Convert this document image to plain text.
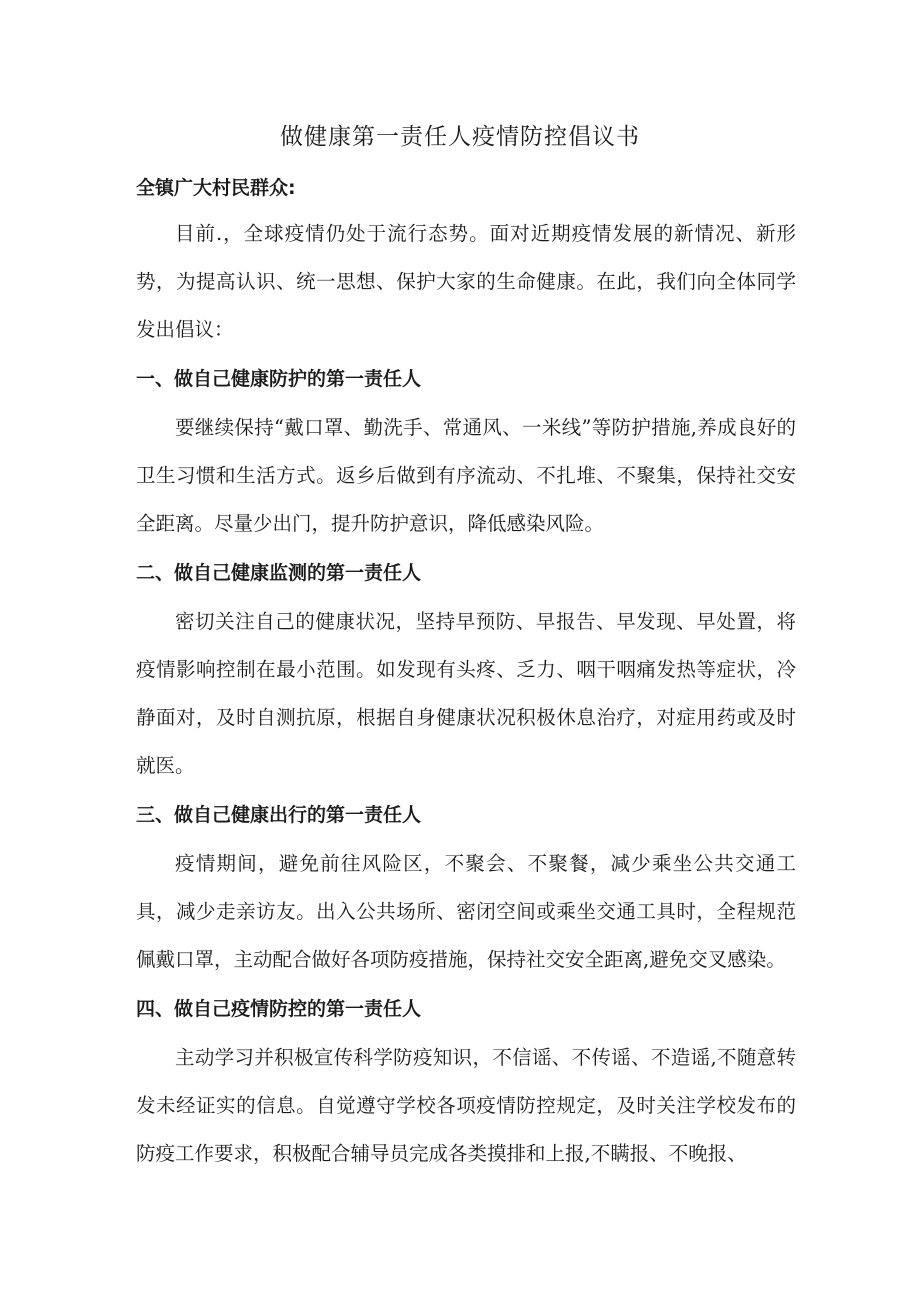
做健康第一责任人疫情防控倡议书

全镇广大村民群众:

目前.，全球疫情仍处于流行态势。面对近期疫情发展的新情况、新形势，为提高认识、统一思想、保护大家的生命健康。在此，我们向全体同学发出倡议：

一、做自己健康防护的第一责任人

要继续保持“戴口罩、勤洗手、常通风、一米线”等防护措施,养成良好的卫生习惯和生活方式。返乡后做到有序流动、不扎堆、不聚集，保持社交安全距离。尽量少出门，提升防护意识，降低感染风险。

二、做自己健康监测的第一责任人

密切关注自己的健康状况，坚持早预防、早报告、早发现、早处置，将疫情影响控制在最小范围。如发现有头疼、乏力、咽干咽痛发热等症状，冷静面对，及时自测抗原，根据自身健康状况积极休息治疗，对症用药或及时就医。

三、做自己健康出行的第一责任人

疫情期间，避免前往风险区，不聚会、不聚餐，减少乘坐公共交通工具，减少走亲访友。出入公共场所、密闭空间或乘坐交通工具时，全程规范佩戴口罩，主动配合做好各项防疫措施，保持社交安全距离,避免交叉感染。

四、做自己疫情防控的第一责任人

主动学习并积极宣传科学防疫知识，不信谣、不传谣、不造谣,不随意转发未经证实的信息。自觉遵守学校各项疫情防控规定，及时关注学校发布的防疫工作要求，积极配合辅导员完成各类摸排和上报,不瞒报、不晚报、
